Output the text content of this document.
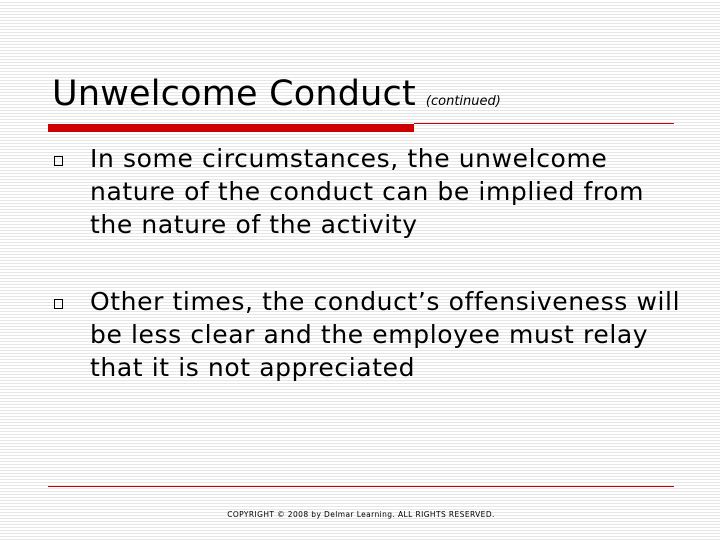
Unwelcome Conduct (continued)
In some circumstances, the unwelcome nature of the conduct can be implied from the nature of the activity
Other times, the conduct’s offensiveness will be less clear and the employee must relay that it is not appreciated
COPYRIGHT © 2008 by Delmar Learning. ALL RIGHTS RESERVED.
